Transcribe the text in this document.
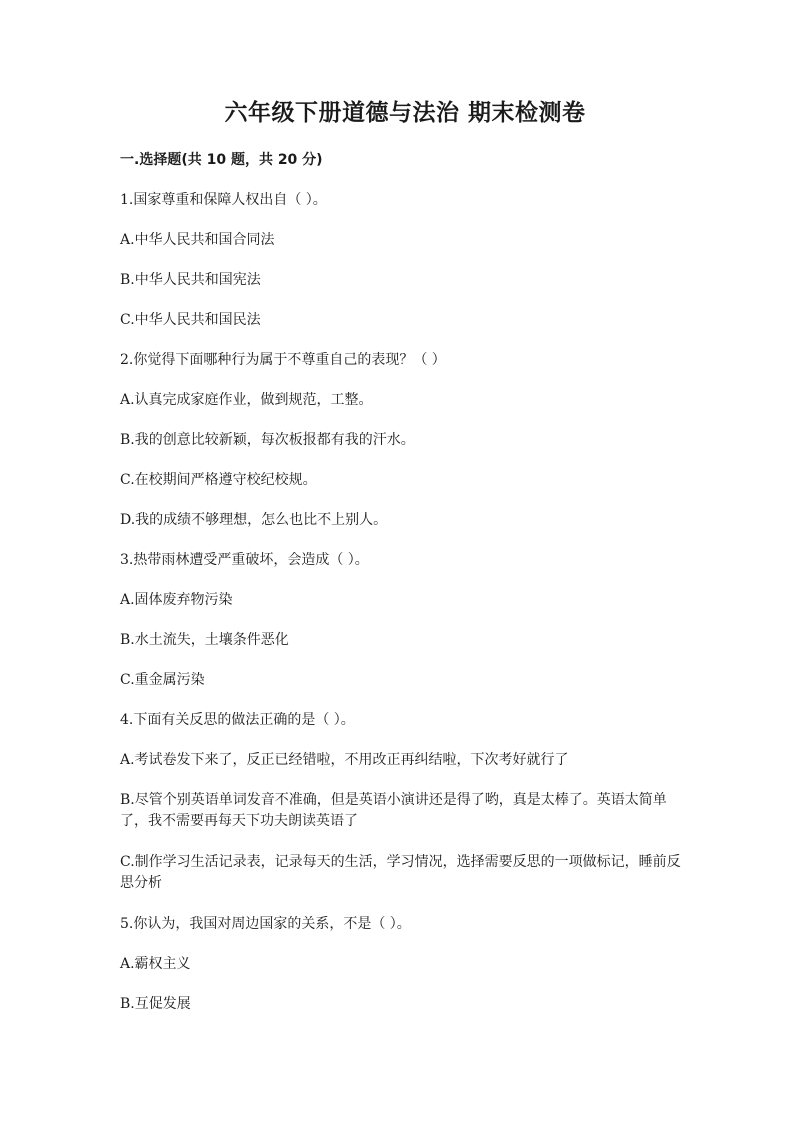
六年级下册道德与法治 期末检测卷
一.选择题(共 10 题，共 20 分)
1.国家尊重和保障人权出自（ ）。
A.中华人民共和国合同法
B.中华人民共和国宪法
C.中华人民共和国民法
2.你觉得下面哪种行为属于不尊重自己的表现？（ ）
A.认真完成家庭作业，做到规范，工整。
B.我的创意比较新颖，每次板报都有我的汗水。
C.在校期间严格遵守校纪校规。
D.我的成绩不够理想，怎么也比不上别人。
3.热带雨林遭受严重破坏，会造成（ ）。
A.固体废弃物污染
B.水土流失，土壤条件恶化
C.重金属污染
4.下面有关反思的做法正确的是（ ）。
A.考试卷发下来了，反正已经错啦，不用改正再纠结啦，下次考好就行了
B.尽管个别英语单词发音不准确，但是英语小演讲还是得了哟，真是太棒了。英语太简单了，我不需要再每天下功夫朗读英语了
C.制作学习生活记录表，记录每天的生活，学习情况，选择需要反思的一项做标记，睡前反思分析
5.你认为，我国对周边国家的关系，不是（ ）。
A.霸权主义
B.互促发展
